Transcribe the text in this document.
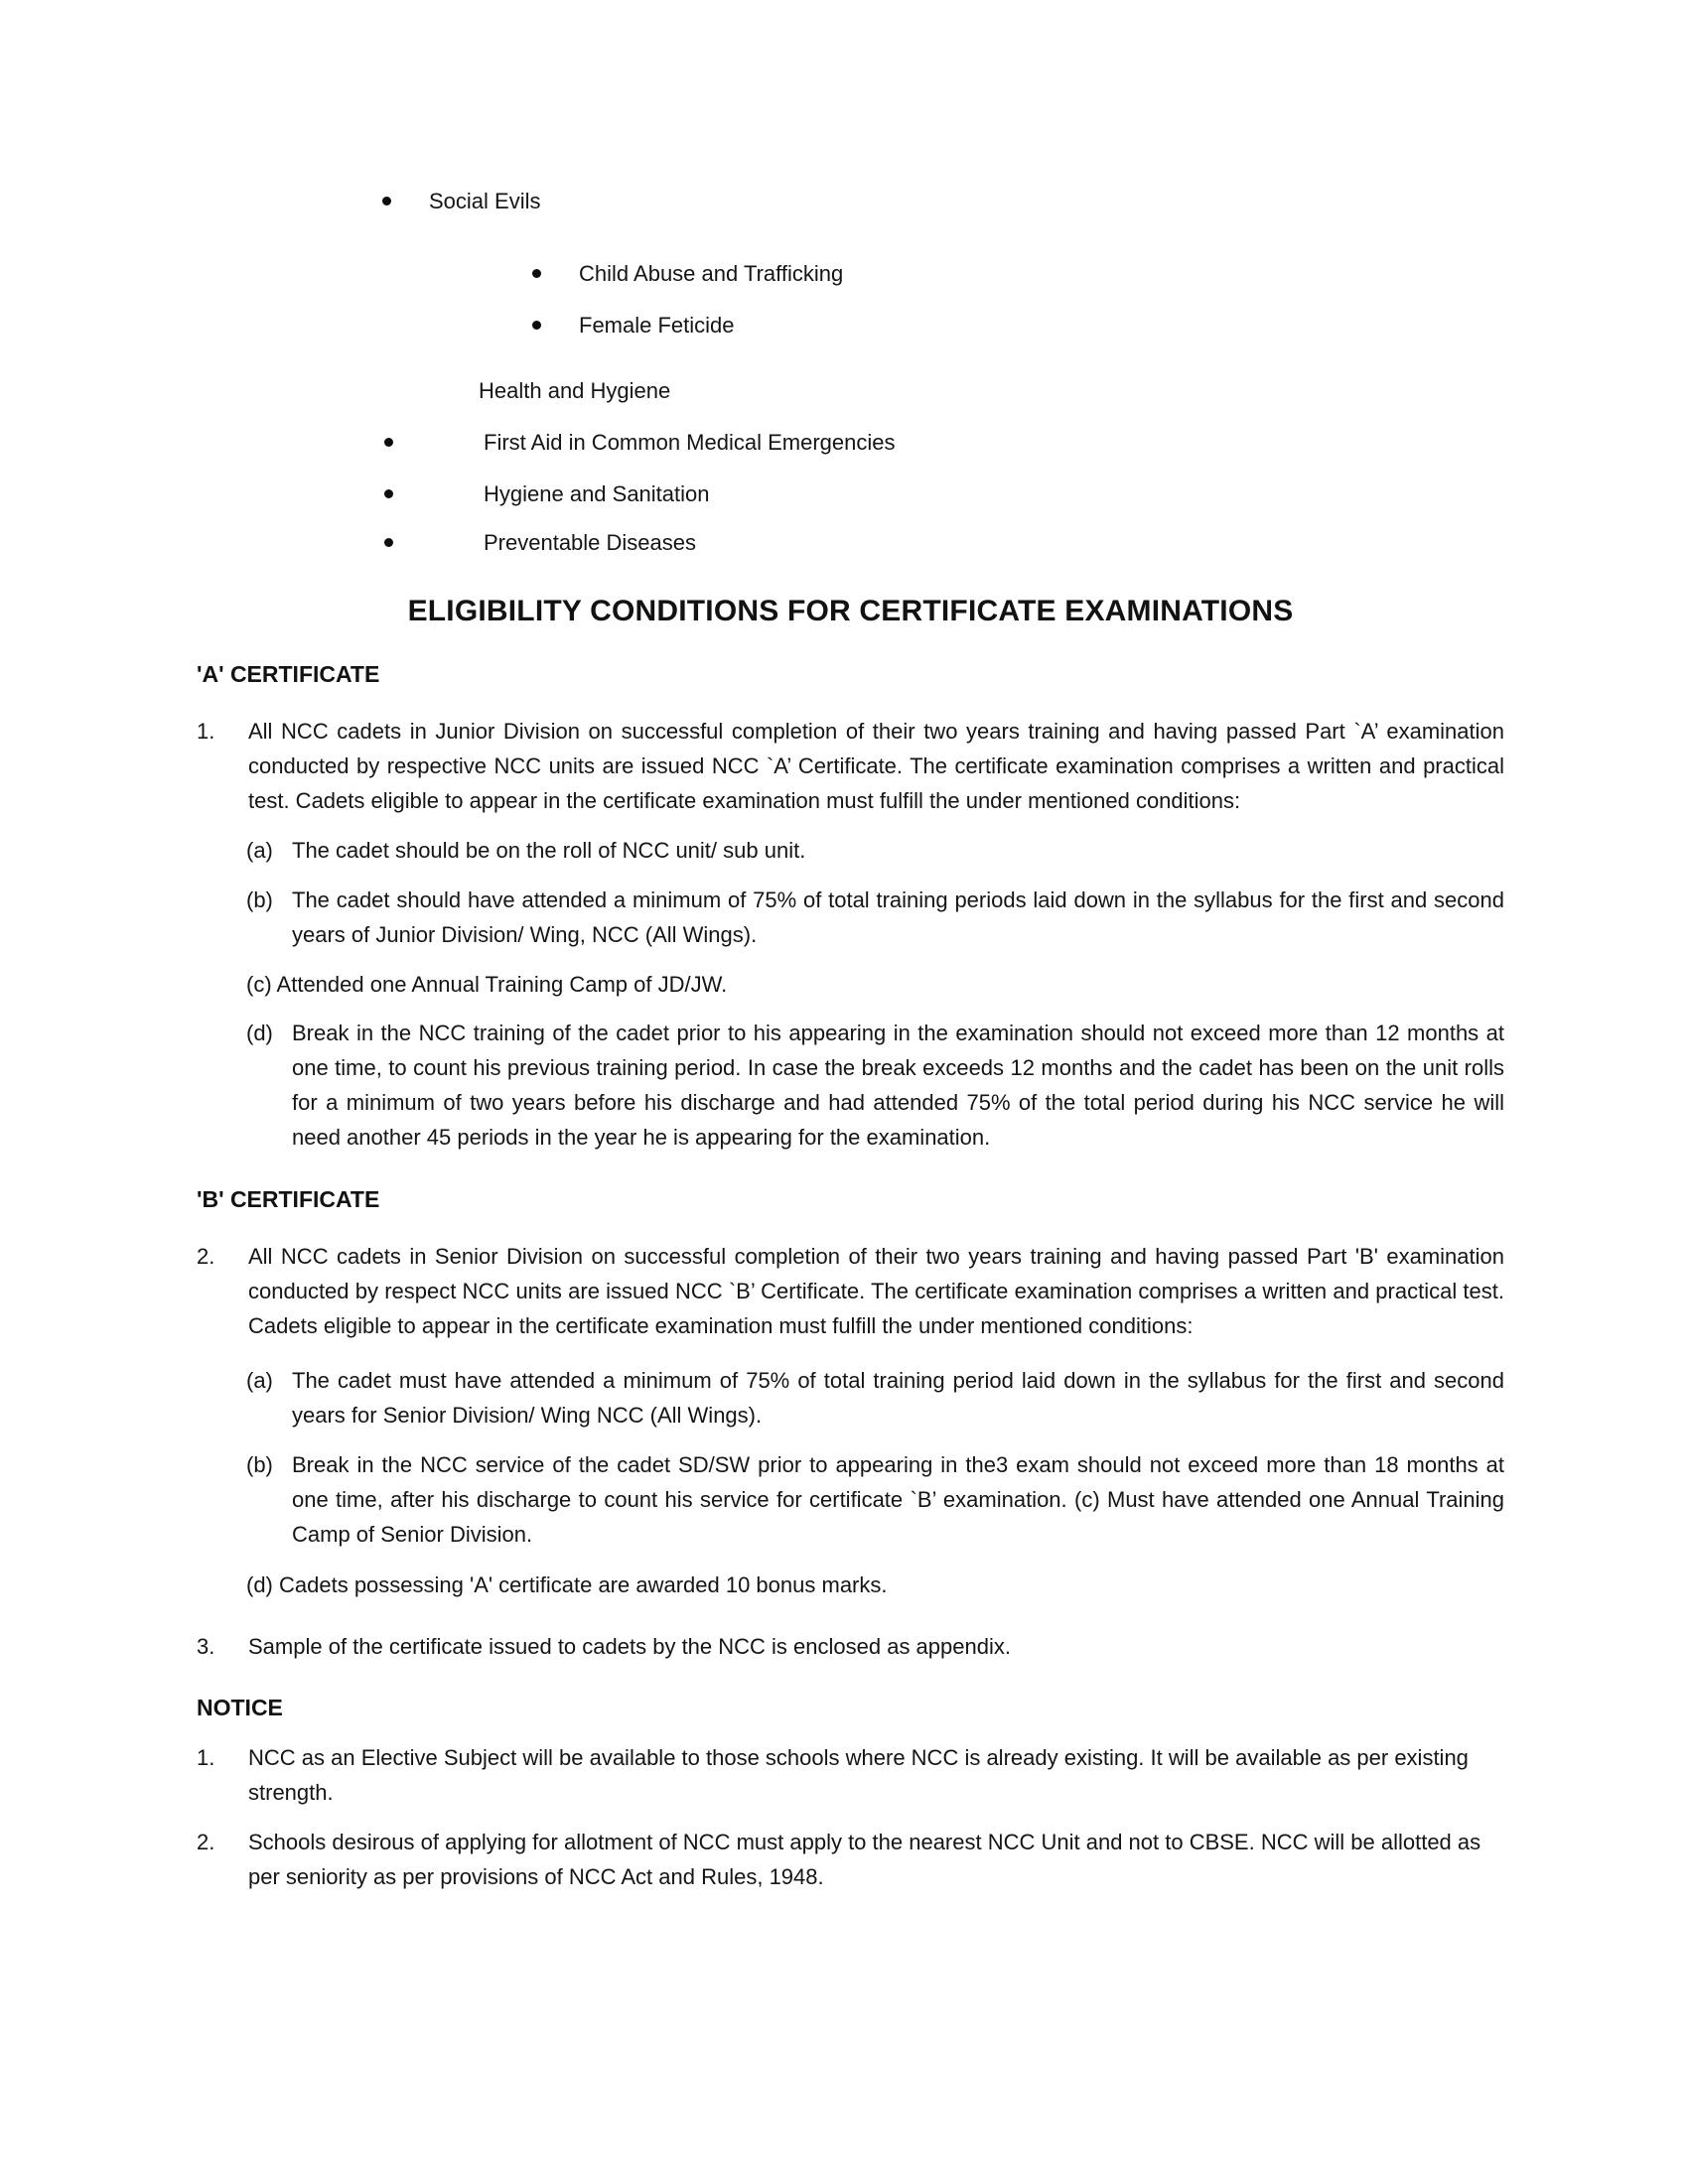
Social Evils
Child Abuse and Trafficking
Female Feticide
Health and Hygiene
First Aid in Common Medical Emergencies
Hygiene and Sanitation
Preventable Diseases
ELIGIBILITY CONDITIONS FOR CERTIFICATE EXAMINATIONS
'A' CERTIFICATE
1.	All NCC cadets in Junior Division on successful completion of their two years training and having passed Part `A’ examination conducted by respective NCC units are issued NCC `A’ Certificate. The certificate examination comprises a written and practical test. Cadets eligible to appear in the certificate examination must fulfill the under mentioned conditions:
(a) The cadet should be on the roll of NCC unit/ sub unit.
(b) The cadet should have attended a minimum of 75% of total training periods laid down in the syllabus for the first and second years of Junior Division/ Wing, NCC (All Wings).
(c) Attended one Annual Training Camp of JD/JW.
(d) Break in the NCC training of the cadet prior to his appearing in the examination should not exceed more than 12 months at one time, to count his previous training period. In case the break exceeds 12 months and the cadet has been on the unit rolls for a minimum of two years before his discharge and had attended 75% of the total period during his NCC service he will need another 45 periods in the year he is appearing for the examination.
'B' CERTIFICATE
2.	All NCC cadets in Senior Division on successful completion of their two years training and having passed Part 'B' examination conducted by respect NCC units are issued NCC `B’ Certificate. The certificate examination comprises a written and practical test. Cadets eligible to appear in the certificate examination must fulfill the under mentioned conditions:
(a) The cadet must have attended a minimum of 75% of total training period laid down in the syllabus for the first and second years for Senior Division/ Wing NCC (All Wings).
(b) Break in the NCC service of the cadet SD/SW prior to appearing in the3 exam should not exceed more than 18 months at one time, after his discharge to count his service for certificate `B’ examination. (c) Must have attended one Annual Training Camp of Senior Division.
(d) Cadets possessing 'A' certificate are awarded 10 bonus marks.
3.	Sample of the certificate issued to cadets by the NCC is enclosed as appendix.
NOTICE
1.	NCC as an Elective Subject will be available to those schools where NCC is already existing. It will be available as per existing strength.
2.	Schools desirous of applying for allotment of NCC must apply to the nearest NCC Unit and not to CBSE. NCC will be allotted as per seniority as per provisions of NCC Act and Rules, 1948.
